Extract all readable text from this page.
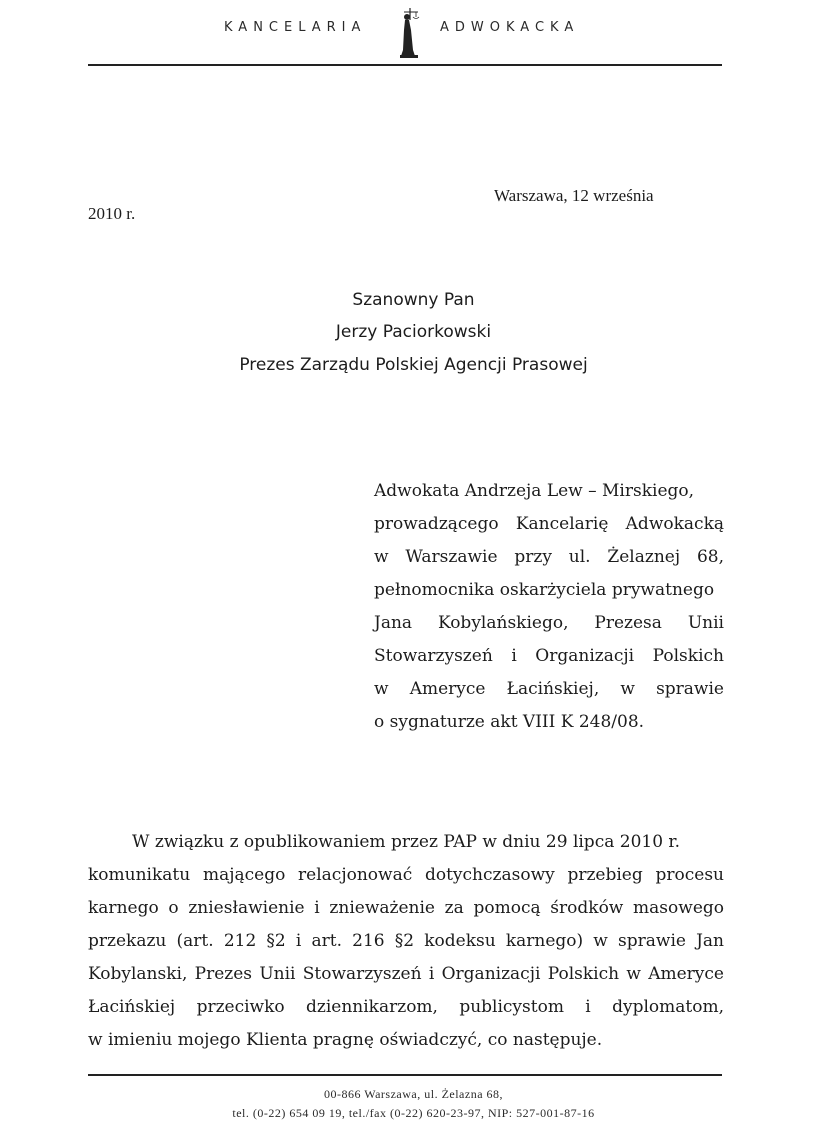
KANCELARIA	ADWOKACKA
Warszawa, 12 września
2010 r.
Szanowny Pan
Jerzy Paciorkowski
Prezes Zarządu Polskiej Agencji Prasowej
Adwokata Andrzeja Lew – Mirskiego,
prowadzącego Kancelarię Adwokacką
w Warszawie przy ul. Żelaznej 68,
pełnomocnika oskarżyciela prywatnego
Jana Kobylańskiego, Prezesa Unii
Stowarzyszeń i Organizacji Polskich
w Ameryce Łacińskiej, w sprawie
o sygnaturze akt VIII K 248/08.
W związku z opublikowaniem przez PAP w dniu 29 lipca 2010 r.
komunikatu mającego relacjonować dotychczasowy przebieg procesu
karnego o zniesławienie i znieważenie za pomocą środków masowego
przekazu (art. 212 §2 i art. 216 §2 kodeksu karnego) w sprawie Jan
Kobylanski, Prezes Unii Stowarzyszeń i Organizacji Polskich w Ameryce
Łacińskiej przeciwko dziennikarzom, publicystom i dyplomatom,
w imieniu mojego Klienta pragnę oświadczyć, co następuje.
00-866 Warszawa, ul. Żelazna 68,
tel. (0-22) 654 09 19, tel./fax (0-22) 620-23-97, NIP: 527-001-87-16
